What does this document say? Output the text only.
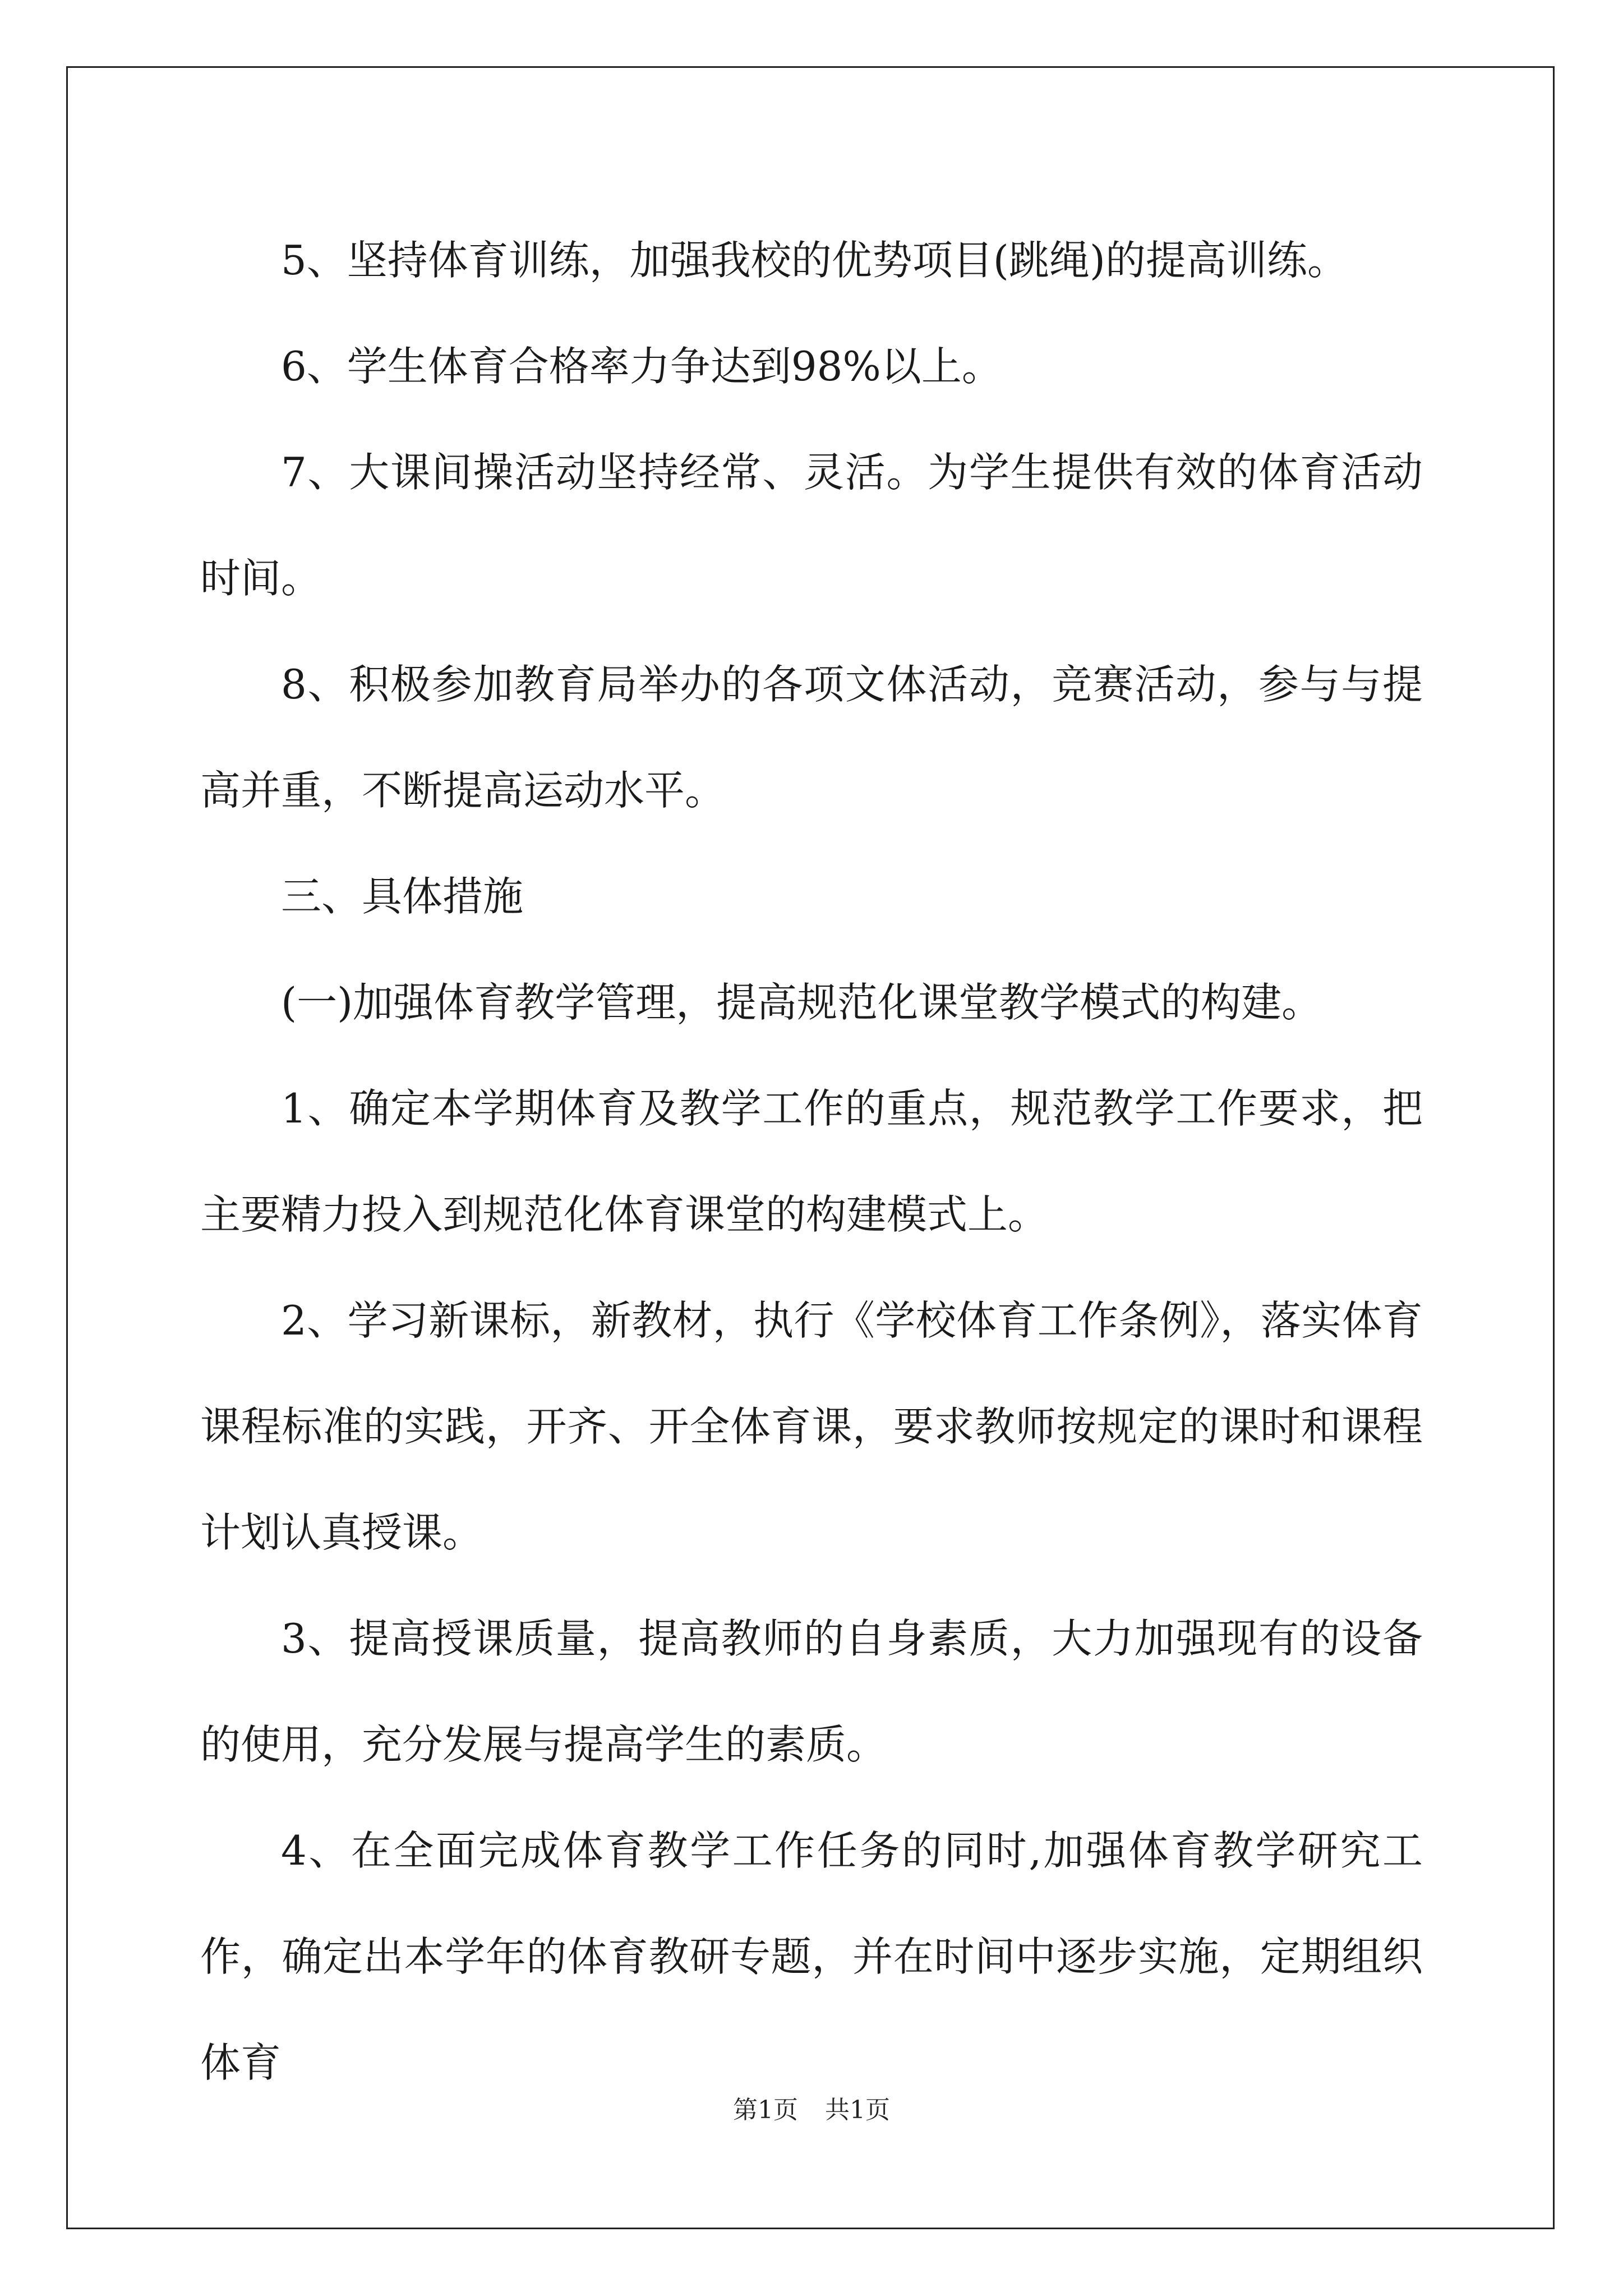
5、坚持体育训练，加强我校的优势项目(跳绳)的提高训练。

6、学生体育合格率力争达到98%以上。

7、大课间操活动坚持经常、灵活。为学生提供有效的体育活动时间。

8、积极参加教育局举办的各项文体活动，竞赛活动，参与与提高并重，不断提高运动水平。

三、具体措施

(一)加强体育教学管理，提高规范化课堂教学模式的构建。

1、确定本学期体育及教学工作的重点，规范教学工作要求，把主要精力投入到规范化体育课堂的构建模式上。

2、学习新课标，新教材，执行《学校体育工作条例》，落实体育课程标准的实践，开齐、开全体育课，要求教师按规定的课时和课程计划认真授课。

3、提高授课质量，提高教师的自身素质，大力加强现有的设备的使用，充分发展与提高学生的素质。

4、在全面完成体育教学工作任务的同时,加强体育教学研究工作，确定出本学年的体育教研专题，并在时间中逐步实施，定期组织体育

第1页 共1页
